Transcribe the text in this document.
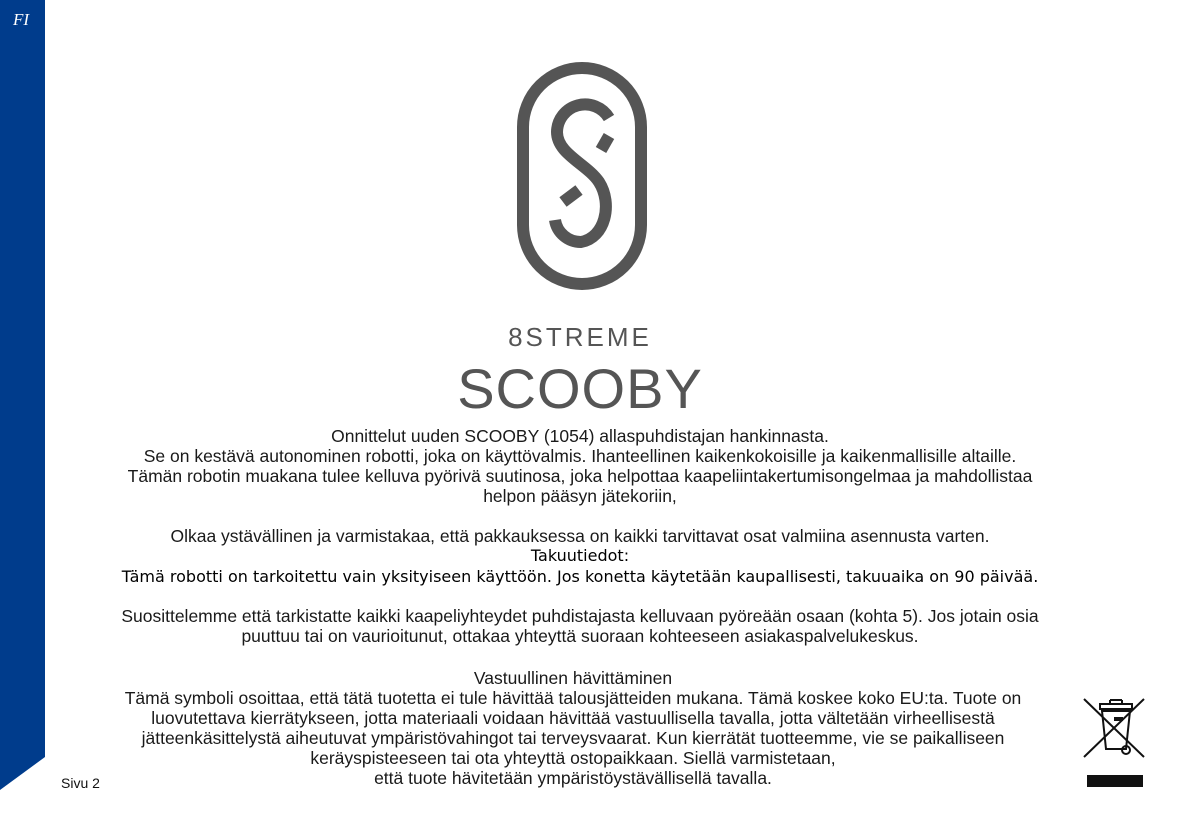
FI
8STREME
SCOOBY
Onnittelut uuden SCOOBY (1054) allaspuhdistajan hankinnasta.
Se on kestävä autonominen robotti, joka on käyttövalmis. Ihanteellinen kaikenkokoisille ja kaikenmallisille altaille.
Tämän robotin muakana tulee kelluva pyörivä suutinosa, joka helpottaa kaapeliintakertumisongelmaa ja mahdollistaa
helpon pääsyn jätekoriin,
Olkaa ystävällinen ja varmistakaa, että pakkauksessa on kaikki tarvittavat osat valmiina asennusta varten.
Takuutiedot:
Tämä robotti on tarkoitettu vain yksityiseen käyttöön. Jos konetta käytetään kaupallisesti, takuuaika on 90 päivää.
Suosittelemme että tarkistatte kaikki kaapeliyhteydet puhdistajasta kelluvaan pyöreään osaan (kohta 5). Jos jotain osia
puuttuu tai on vaurioitunut, ottakaa yhteyttä suoraan kohteeseen asiakaspalvelukeskus.
Vastuullinen hävittäminen
Tämä symboli osoittaa, että tätä tuotetta ei tule hävittää talousjätteiden mukana. Tämä koskee koko EU:ta. Tuote on
luovutettava kierrätykseen, jotta materiaali voidaan hävittää vastuullisella tavalla, jotta vältetään virheellisestä
jätteenkäsittelystä aiheutuvat ympäristövahingot tai terveysvaarat. Kun kierrätät tuotteemme, vie se paikalliseen
keräyspisteeseen tai ota yhteyttä ostopaikkaan. Siellä varmistetaan,
että tuote hävitetään ympäristöystävällisellä tavalla.
Sivu 2
